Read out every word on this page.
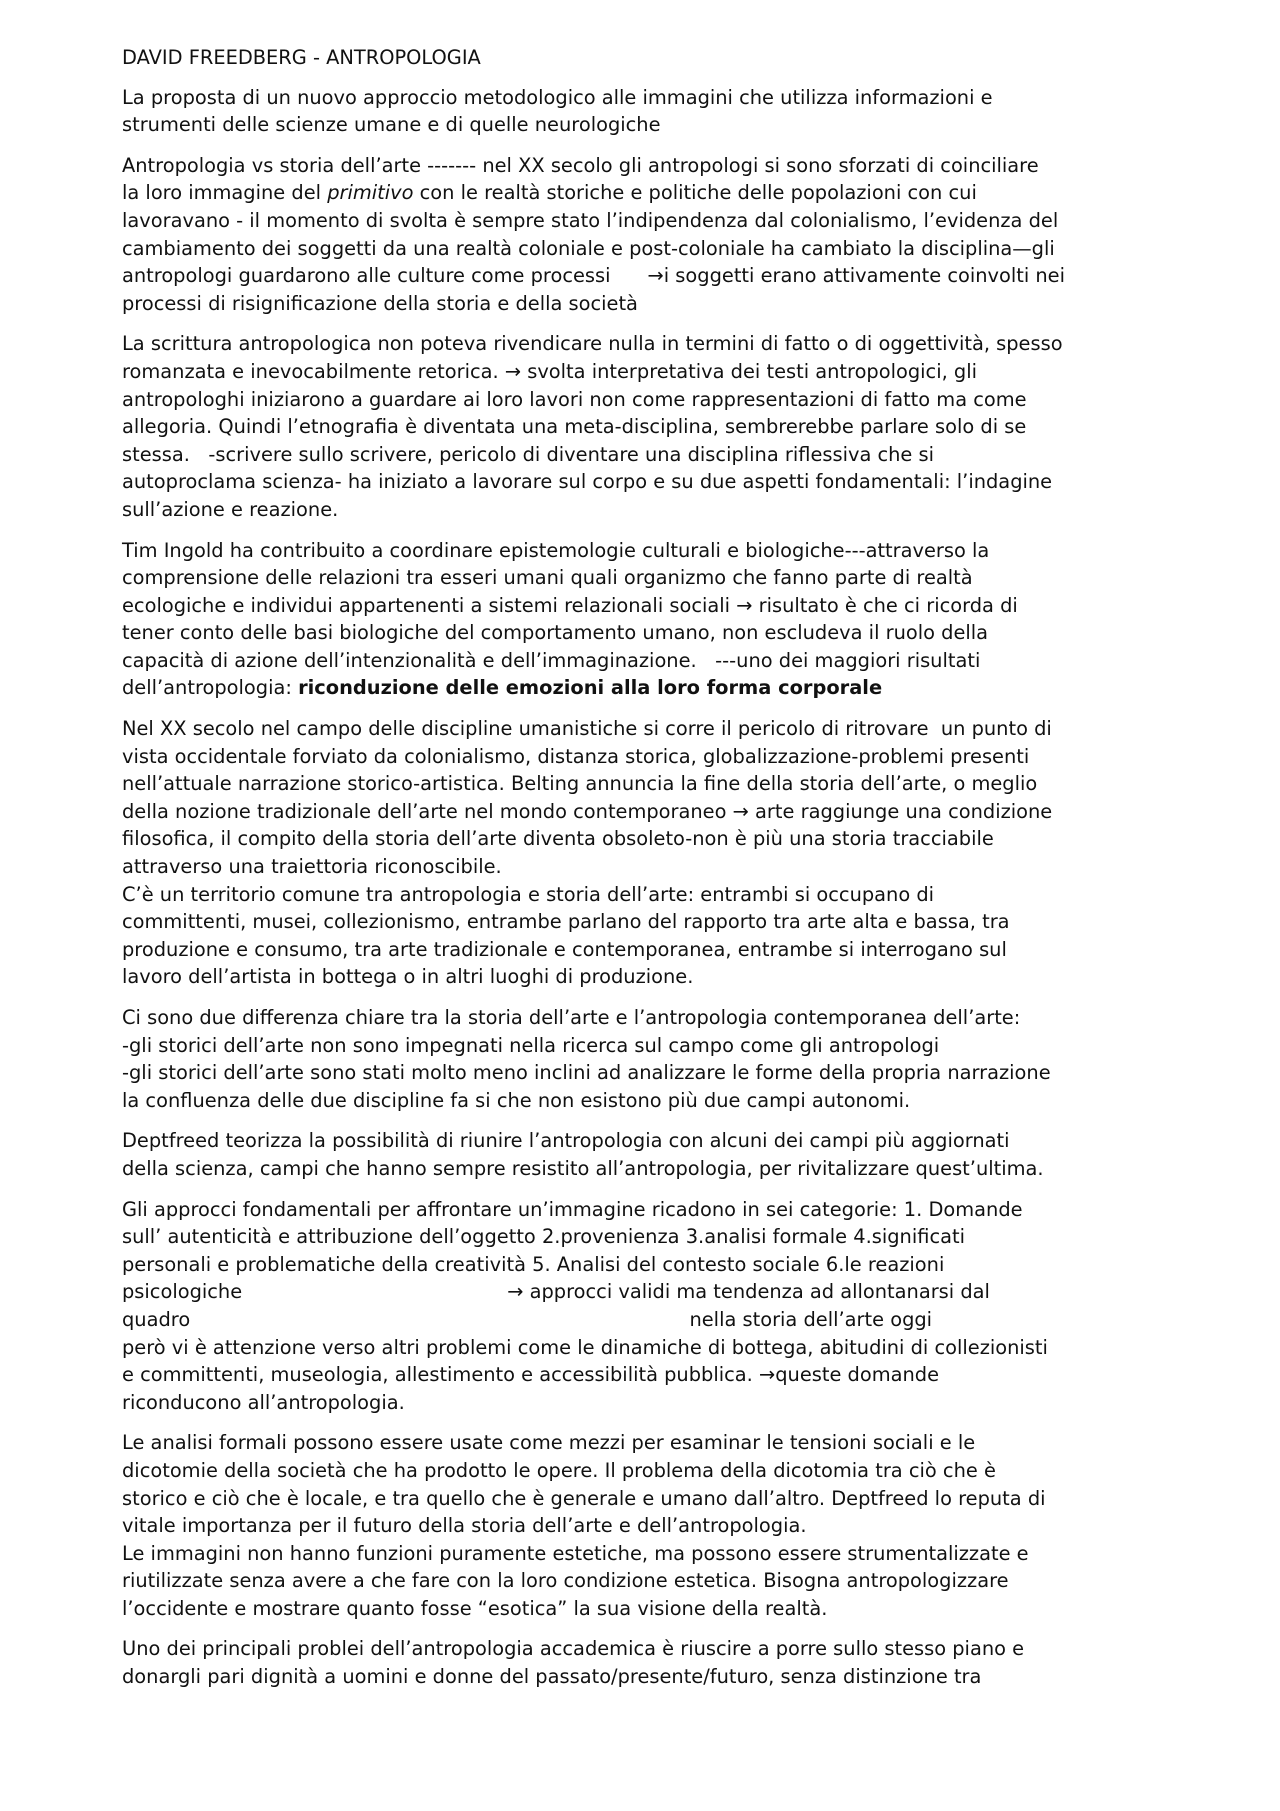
DAVID FREEDBERG - ANTROPOLOGIA

La proposta di un nuovo approccio metodologico alle immagini che utilizza informazioni e
strumenti delle scienze umane e di quelle neurologiche

Antropologia vs storia dell’arte ------- nel XX secolo gli antropologi si sono sforzati di coinciliare
la loro immagine del primitivo con le realtà storiche e politiche delle popolazioni con cui
lavoravano - il momento di svolta è sempre stato l’indipendenza dal colonialismo, l’evidenza del
cambiamento dei soggetti da una realtà coloniale e post-coloniale ha cambiato la disciplina—gli
antropologi guardarono alle culture come processi      →i soggetti erano attivamente coinvolti nei
processi di risignificazione della storia e della società

La scrittura antropologica non poteva rivendicare nulla in termini di fatto o di oggettività, spesso
romanzata e inevocabilmente retorica. → svolta interpretativa dei testi antropologici, gli
antropologhi iniziarono a guardare ai loro lavori non come rappresentazioni di fatto ma come
allegoria. Quindi l’etnografia è diventata una meta-disciplina, sembrerebbe parlare solo di se
stessa.   -scrivere sullo scrivere, pericolo di diventare una disciplina riflessiva che si
autoproclama scienza- ha iniziato a lavorare sul corpo e su due aspetti fondamentali: l’indagine
sull’azione e reazione.

Tim Ingold ha contribuito a coordinare epistemologie culturali e biologiche---attraverso la
comprensione delle relazioni tra esseri umani quali organizmo che fanno parte di realtà
ecologiche e individui appartenenti a sistemi relazionali sociali → risultato è che ci ricorda di
tener conto delle basi biologiche del comportamento umano, non escludeva il ruolo della
capacità di azione dell’intenzionalità e dell’immaginazione.   ---uno dei maggiori risultati
dell’antropologia: riconduzione delle emozioni alla loro forma corporale

Nel XX secolo nel campo delle discipline umanistiche si corre il pericolo di ritrovare  un punto di
vista occidentale forviato da colonialismo, distanza storica, globalizzazione-problemi presenti
nell’attuale narrazione storico-artistica. Belting annuncia la fine della storia dell’arte, o meglio
della nozione tradizionale dell’arte nel mondo contemporaneo → arte raggiunge una condizione
filosofica, il compito della storia dell’arte diventa obsoleto-non è più una storia tracciabile
attraverso una traiettoria riconoscibile.
C’è un territorio comune tra antropologia e storia dell’arte: entrambi si occupano di
committenti, musei, collezionismo, entrambe parlano del rapporto tra arte alta e bassa, tra
produzione e consumo, tra arte tradizionale e contemporanea, entrambe si interrogano sul
lavoro dell’artista in bottega o in altri luoghi di produzione.

Ci sono due differenza chiare tra la storia dell’arte e l’antropologia contemporanea dell’arte:
-gli storici dell’arte non sono impegnati nella ricerca sul campo come gli antropologi
-gli storici dell’arte sono stati molto meno inclini ad analizzare le forme della propria narrazione
la confluenza delle due discipline fa si che non esistono più due campi autonomi.

Deptfreed teorizza la possibilità di riunire l’antropologia con alcuni dei campi più aggiornati
della scienza, campi che hanno sempre resistito all’antropologia, per rivitalizzare quest’ultima.

Gli approcci fondamentali per affrontare un’immagine ricadono in sei categorie: 1. Domande
sull’ autenticità e attribuzione dell’oggetto 2.provenienza 3.analisi formale 4.significati
personali e problematiche della creatività 5. Analisi del contesto sociale 6.le reazioni
psicologiche                                           → approcci validi ma tendenza ad allontanarsi dal
quadro                                                                                 nella storia dell’arte oggi
però vi è attenzione verso altri problemi come le dinamiche di bottega, abitudini di collezionisti
e committenti, museologia, allestimento e accessibilità pubblica. →queste domande
riconducono all’antropologia.

Le analisi formali possono essere usate come mezzi per esaminar le tensioni sociali e le
dicotomie della società che ha prodotto le opere. Il problema della dicotomia tra ciò che è
storico e ciò che è locale, e tra quello che è generale e umano dall’altro. Deptfreed lo reputa di
vitale importanza per il futuro della storia dell’arte e dell’antropologia.
Le immagini non hanno funzioni puramente estetiche, ma possono essere strumentalizzate e
riutilizzate senza avere a che fare con la loro condizione estetica. Bisogna antropologizzare
l’occidente e mostrare quanto fosse “esotica” la sua visione della realtà.

Uno dei principali problei dell’antropologia accademica è riuscire a porre sullo stesso piano e
donargli pari dignità a uomini e donne del passato/presente/futuro, senza distinzione tra
